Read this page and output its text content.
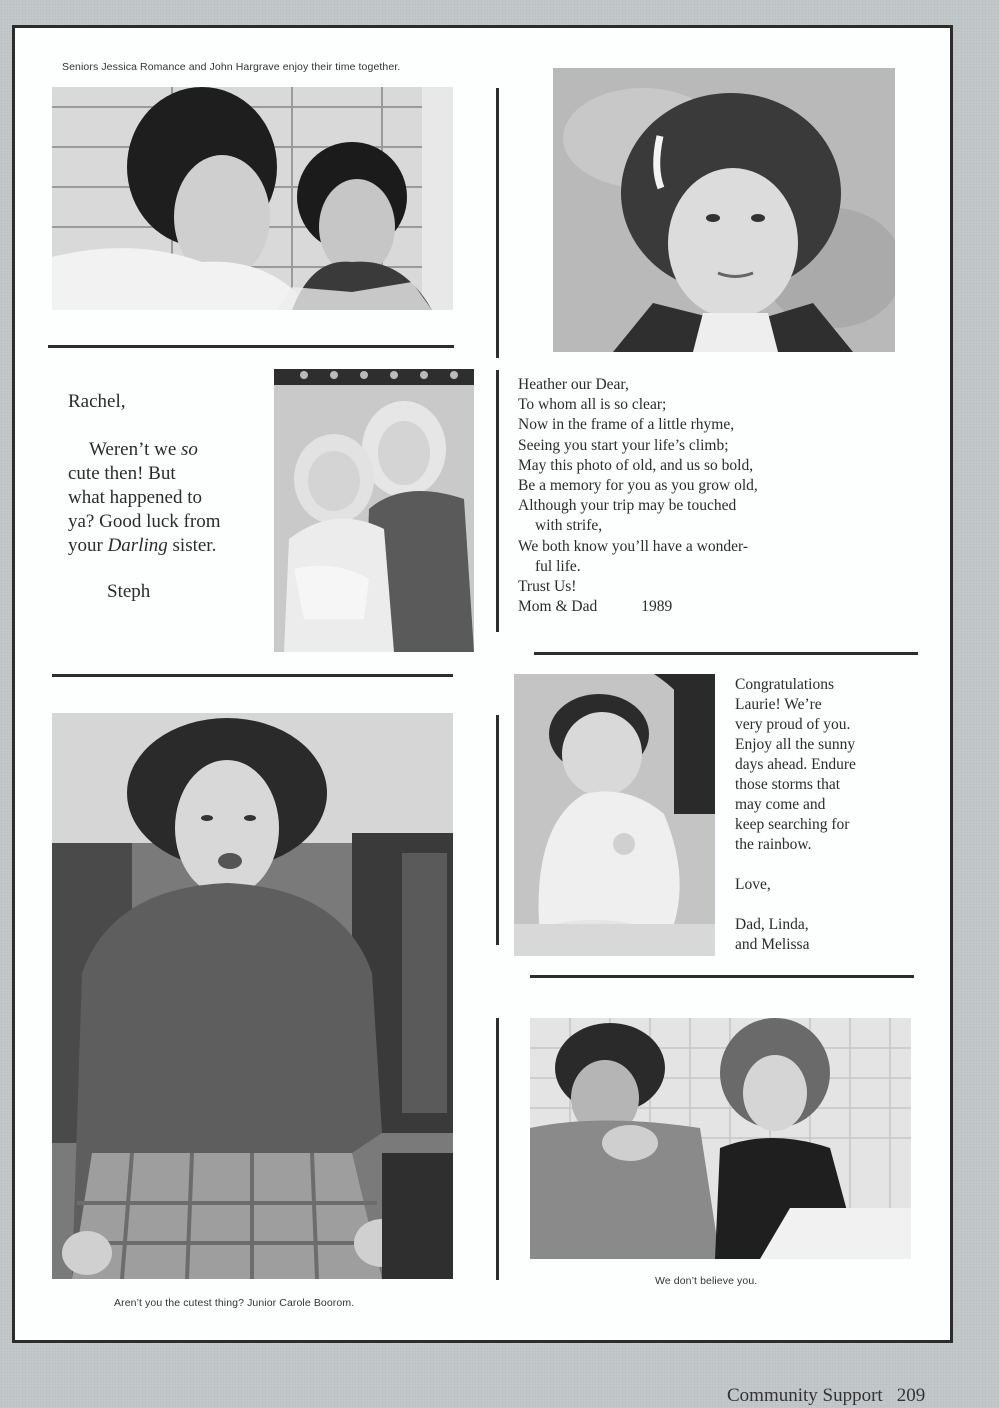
Seniors Jessica Romance and John Hargrave enjoy their time together.
Rachel,
Weren’t we so
cute then! But
what happened to
ya? Good luck from
your Darling sister.
Steph
Heather our Dear,
To whom all is so clear;
Now in the frame of a little rhyme,
Seeing you start your life’s climb;
May this photo of old, and us so bold,
Be a memory for you as you grow old,
Although your trip may be touched
with strife,
We both know you’ll have a wonder-
ful life.
Trust Us!
Mom & Dad	1989
Congratulations
Laurie! We’re
very proud of you.
Enjoy all the sunny
days ahead. Endure
those storms that
may come and
keep searching for
the rainbow.
Love,
Dad, Linda,
and Melissa
We don’t believe you.
Aren’t you the cutest thing? Junior Carole Boorom.
Community Support 209
